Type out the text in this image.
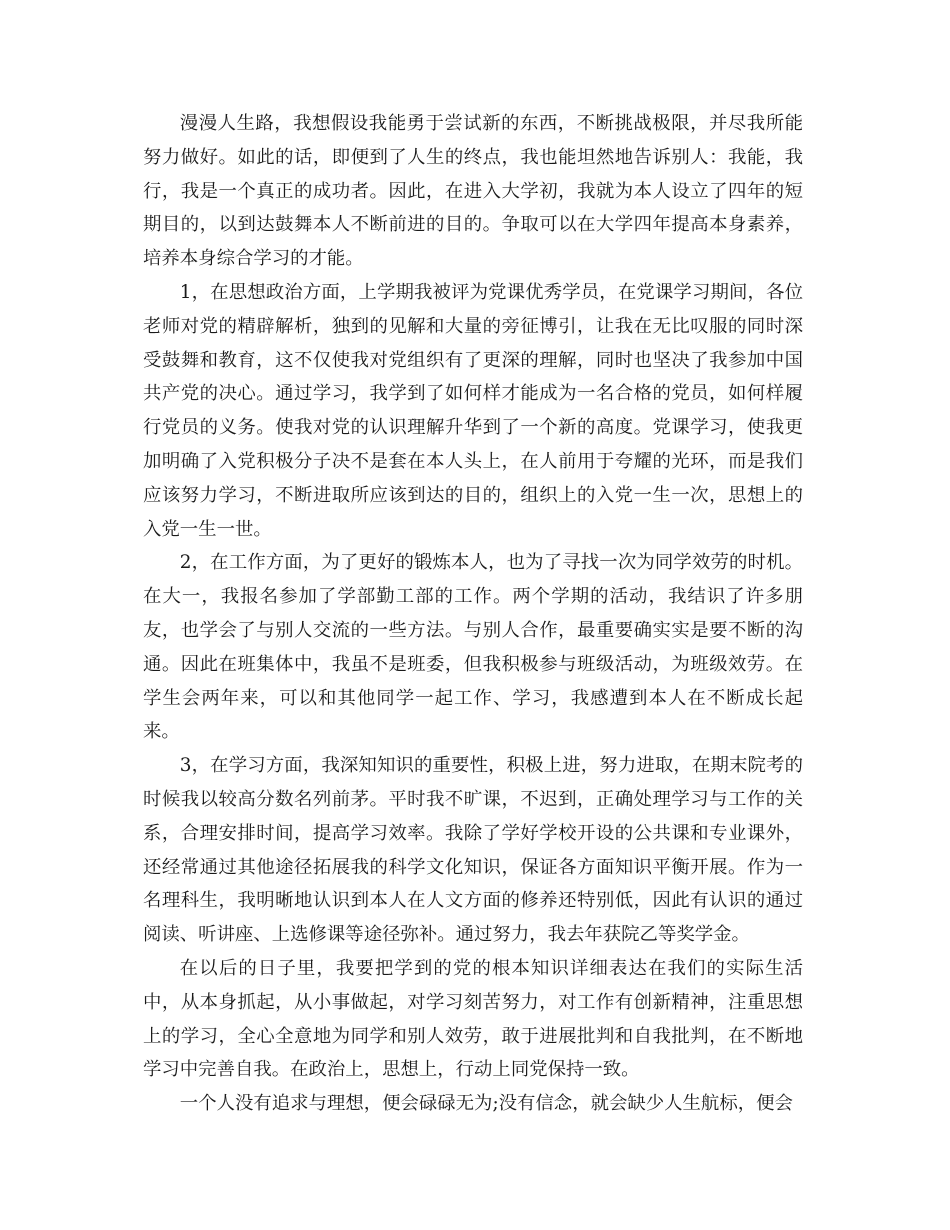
漫漫人生路，我想假设我能勇于尝试新的东西，不断挑战极限，并尽我所能努力做好。如此的话，即便到了人生的终点，我也能坦然地告诉别人：我能，我行，我是一个真正的成功者。因此，在进入大学初，我就为本人设立了四年的短期目的，以到达鼓舞本人不断前进的目的。争取可以在大学四年提高本身素养，培养本身综合学习的才能。

1，在思想政治方面，上学期我被评为党课优秀学员，在党课学习期间，各位老师对党的精辟解析，独到的见解和大量的旁征博引，让我在无比叹服的同时深受鼓舞和教育，这不仅使我对党组织有了更深的理解，同时也坚决了我参加中国共产党的决心。通过学习，我学到了如何样才能成为一名合格的党员，如何样履行党员的义务。使我对党的认识理解升华到了一个新的高度。党课学习，使我更加明确了入党积极分子决不是套在本人头上，在人前用于夸耀的光环，而是我们应该努力学习，不断进取所应该到达的目的，组织上的入党一生一次，思想上的入党一生一世。

2，在工作方面，为了更好的锻炼本人，也为了寻找一次为同学效劳的时机。在大一，我报名参加了学部勤工部的工作。两个学期的活动，我结识了许多朋友，也学会了与别人交流的一些方法。与别人合作，最重要确实实是要不断的沟通。因此在班集体中，我虽不是班委，但我积极参与班级活动，为班级效劳。在学生会两年来，可以和其他同学一起工作、学习，我感遭到本人在不断成长起来。

3，在学习方面，我深知知识的重要性，积极上进，努力进取，在期末院考的时候我以较高分数名列前茅。平时我不旷课，不迟到，正确处理学习与工作的关系，合理安排时间，提高学习效率。我除了学好学校开设的公共课和专业课外，还经常通过其他途径拓展我的科学文化知识，保证各方面知识平衡开展。作为一名理科生，我明晰地认识到本人在人文方面的修养还特别低，因此有认识的通过阅读、听讲座、上选修课等途径弥补。通过努力，我去年获院乙等奖学金。

在以后的日子里，我要把学到的党的根本知识详细表达在我们的实际生活中，从本身抓起，从小事做起，对学习刻苦努力，对工作有创新精神，注重思想上的学习，全心全意地为同学和别人效劳，敢于进展批判和自我批判，在不断地学习中完善自我。在政治上，思想上，行动上同党保持一致。

一个人没有追求与理想，便会碌碌无为;没有信念，就会缺少人生航标，便会
